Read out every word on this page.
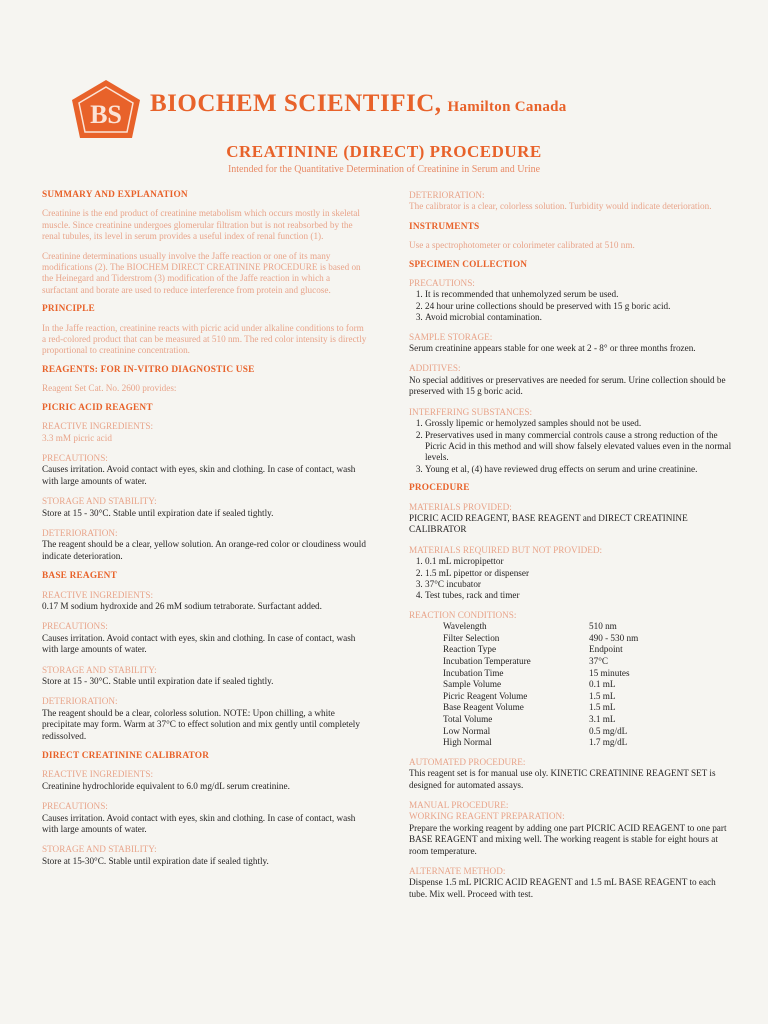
BS BIOCHEM SCIENTIFIC, Hamilton Canada
CREATININE (DIRECT) PROCEDURE
Intended for the Quantitative Determination of Creatinine in Serum and Urine
SUMMARY AND EXPLANATION

Creatinine is the end product of creatinine metabolism which occurs mostly in skeletal muscle. Since creatinine undergoes glomerular filtration but is not reabsorbed by the renal tubules, its level in serum provides a useful index of renal function (1).

Creatinine determinations usually involve the Jaffe reaction or one of its many modifications (2). The BIOCHEM DIRECT CREATININE PROCEDURE is based on the Heinegard and Tiderstrom (3) modification of the Jaffe reaction in which a surfactant and borate are used to reduce interference from protein and glucose.

PRINCIPLE

In the Jaffe reaction, creatinine reacts with picric acid under alkaline conditions to form a red-colored product that can be measured at 510 nm. The red color intensity is directly proportional to creatinine concentration.

REAGENTS: FOR IN-VITRO DIAGNOSTIC USE

Reagent Set Cat. No. 2600 provides:

PICRIC ACID REAGENT
REACTIVE INGREDIENTS:
3.3 mM picric acid
PRECAUTIONS:
Causes irritation. Avoid contact with eyes, skin and clothing. In case of contact, wash with large amounts of water.
STORAGE AND STABILITY:
Store at 15 - 30°C. Stable until expiration date if sealed tightly.
DETERIORATION:
The reagent should be a clear, yellow solution. An orange-red color or cloudiness would indicate deterioration.
BASE REAGENT
REACTIVE INGREDIENTS:
0.17 M sodium hydroxide and 26 mM sodium tetraborate. Surfactant added.
PRECAUTIONS:
Causes irritation. Avoid contact with eyes, skin and clothing. In case of contact, wash with large amounts of water.
STORAGE AND STABILITY:
Store at 15 - 30°C. Stable until expiration date if sealed tightly.
DETERIORATION:
The reagent should be a clear, colorless solution. NOTE: Upon chilling, a white precipitate may form. Warm at 37°C to effect solution and mix gently until completely redissolved.
DIRECT CREATININE CALIBRATOR
REACTIVE INGREDIENTS:
Creatinine hydrochloride equivalent to 6.0 mg/dL serum creatinine.
PRECAUTIONS:
Causes irritation. Avoid contact with eyes, skin and clothing. In case of contact, wash with large amounts of water.
STORAGE AND STABILITY:
Store at 15-30°C. Stable until expiration date if sealed tightly.
DETERIORATION:
The calibrator is a clear, colorless solution. Turbidity would indicate deterioration.
INSTRUMENTS

Use a spectrophotometer or colorimeter calibrated at 510 nm.

SPECIMEN COLLECTION
PRECAUTIONS:
1. It is recommended that unhemolyzed serum be used.
2. 24 hour urine collections should be preserved with 15 g boric acid.
3. Avoid microbial contamination.
SAMPLE STORAGE:
Serum creatinine appears stable for one week at 2 - 8° or three months frozen.
ADDITIVES:
No special additives or preservatives are needed for serum. Urine collection should be preserved with 15 g boric acid.
INTERFERING SUBSTANCES:
1. Grossly lipemic or hemolyzed samples should not be used.
2. Preservatives used in many commercial controls cause a strong reduction of the Picric Acid in this method and will show falsely elevated values even in the normal levels.
3. Young et al, (4) have reviewed drug effects on serum and urine creatinine.
PROCEDURE
MATERIALS PROVIDED:
PICRIC ACID REAGENT, BASE REAGENT and DIRECT CREATININE CALIBRATOR
MATERIALS REQUIRED BUT NOT PROVIDED:
1. 0.1 mL micropipettor
2. 1.5 mL pipettor or dispenser
3. 37°C incubator
4. Test tubes, rack and timer
REACTION CONDITIONS:
Wavelength	510 nm
Filter Selection	490 - 530 nm
Reaction Type	Endpoint
Incubation Temperature	37°C
Incubation Time	15 minutes
Sample Volume	0.1 mL
Picric Reagent Volume	1.5 mL
Base Reagent Volume	1.5 mL
Total Volume	3.1 mL
Low Normal	0.5 mg/dL
High Normal	1.7 mg/dL
AUTOMATED PROCEDURE:
This reagent set is for manual use oly. KINETIC CREATININE REAGENT SET is designed for automated assays.
MANUAL PROCEDURE:
WORKING REAGENT PREPARATION:
Prepare the working reagent by adding one part PICRIC ACID REAGENT to one part BASE REAGENT and mixing well. The working reagent is stable for eight hours at room temperature.
ALTERNATE METHOD:
Dispense 1.5 mL PICRIC ACID REAGENT and 1.5 mL BASE REAGENT to each tube. Mix well. Proceed with test.
